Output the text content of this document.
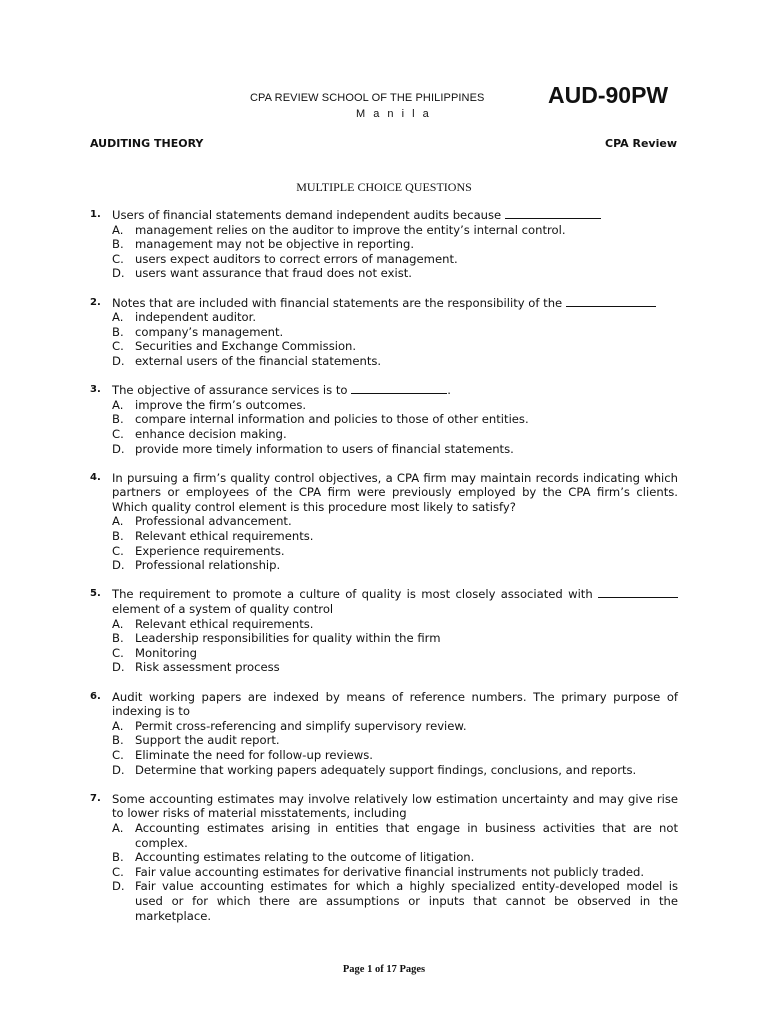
CPA REVIEW SCHOOL OF THE PHILIPPINES
M a n i l a
AUD-90PW
AUDITING THEORY	CPA Review
MULTIPLE CHOICE QUESTIONS
1. Users of financial statements demand independent audits because
A. management relies on the auditor to improve the entity’s internal control.
B. management may not be objective in reporting.
C. users expect auditors to correct errors of management.
D. users want assurance that fraud does not exist.
2. Notes that are included with financial statements are the responsibility of the
A. independent auditor.
B. company’s management.
C. Securities and Exchange Commission.
D. external users of the financial statements.
3. The objective of assurance services is to	.
A. improve the firm’s outcomes.
B. compare internal information and policies to those of other entities.
C. enhance decision making.
D. provide more timely information to users of financial statements.
4. In pursuing a firm’s quality control objectives, a CPA firm may maintain records indicating which partners or employees of the CPA firm were previously employed by the CPA firm’s clients. Which quality control element is this procedure most likely to satisfy?
A. Professional advancement.
B. Relevant ethical requirements.
C. Experience requirements.
D. Professional relationship.
5. The requirement to promote a culture of quality is most closely associated with  element of a system of quality control
A. Relevant ethical requirements.
B. Leadership responsibilities for quality within the firm
C. Monitoring
D. Risk assessment process
6. Audit working papers are indexed by means of reference numbers. The primary purpose of indexing is to
A. Permit cross-referencing and simplify supervisory review.
B. Support the audit report.
C. Eliminate the need for follow-up reviews.
D. Determine that working papers adequately support findings, conclusions, and reports.
7. Some accounting estimates may involve relatively low estimation uncertainty and may give rise to lower risks of material misstatements, including
A. Accounting estimates arising in entities that engage in business activities that are not complex.
B. Accounting estimates relating to the outcome of litigation.
C. Fair value accounting estimates for derivative financial instruments not publicly traded.
D. Fair value accounting estimates for which a highly specialized entity-developed model is used or for which there are assumptions or inputs that cannot be observed in the marketplace.
Page 1 of 17 Pages
